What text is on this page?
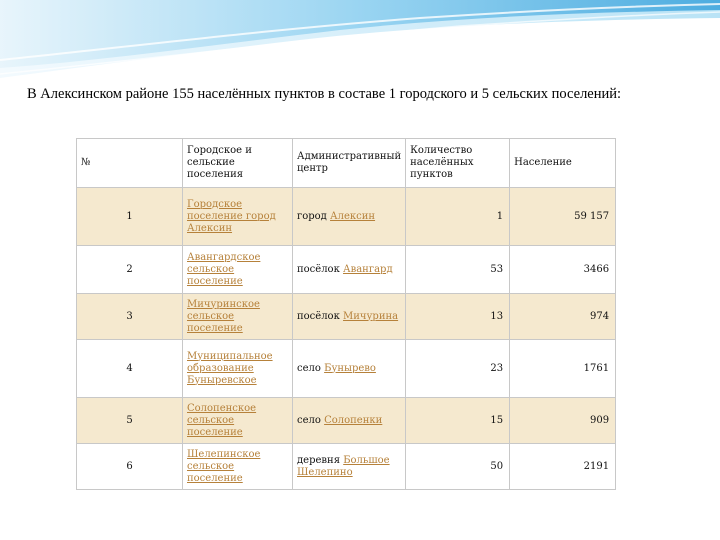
В Алексинском районе 155 населённых пунктов в составе 1 городского и 5 сельских поселений:
№	Городское и сельские поселения	Административный центр	Количество населённых пунктов	Население
1	Городское поселение город Алексин	город Алексин	1	59 157
2	Авангардское сельское поселение	посёлок Авангард	53	3466
3	Мичуринское сельское поселение	посёлок Мичурина	13	974
4	Муниципальное образование Буныревское	село Бунырево	23	1761
5	Солопенское сельское поселение	село Солопенки	15	909
6	Шелепинское сельское поселение	деревня Большое Шелепино	50	2191
